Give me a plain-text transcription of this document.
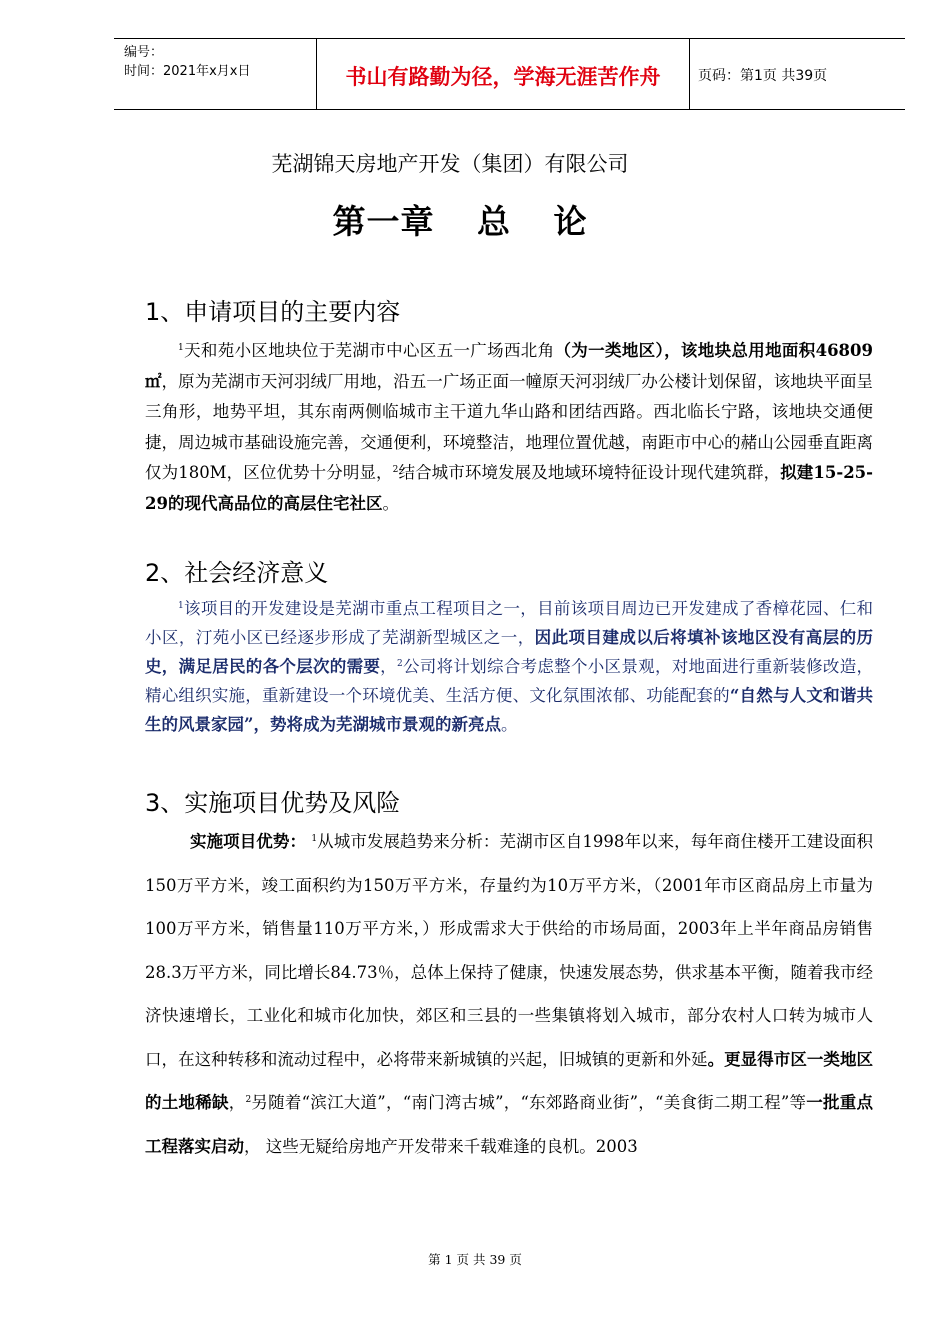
编号：
时间：2021年x月x日	书山有路勤为径，学海无涯苦作舟	页码：第1页 共39页
芜湖锦天房地产开发（集团）有限公司
第一章 总 论
1、申请项目的主要内容
$^1$天和苑小区地块位于芜湖市中心区五一广场西北角（为一类地区），该地块总用地面积46809㎡，原为芜湖市天河羽绒厂用地，沿五一广场正面一幢原天河羽绒厂办公楼计划保留，该地块平面呈三角形，地势平坦，其东南两侧临城市主干道九华山路和团结西路。西北临长宁路，该地块交通便捷，周边城市基础设施完善，交通便利，环境整洁，地理位置优越，南距市中心的赭山公园垂直距离仅为180M，区位优势十分明显，$^2$结合城市环境发展及地域环境特征设计现代建筑群，拟建15-25-29的现代高品位的高层住宅社区。
2、社会经济意义
$^1$该项目的开发建设是芜湖市重点工程项目之一，目前该项目周边已开发建成了香樟花园、仁和小区，汀苑小区已经逐步形成了芜湖新型城区之一，因此项目建成以后将填补该地区没有高层的历史，满足居民的各个层次的需要，$^2$公司将计划综合考虑整个小区景观，对地面进行重新装修改造，精心组织实施，重新建设一个环境优美、生活方便、文化氛围浓郁、功能配套的“自然与人文和谐共生的风景家园”，势将成为芜湖城市景观的新亮点。
3、实施项目优势及风险
实施项目优势： $^1$从城市发展趋势来分析：芜湖市区自1998年以来，每年商住楼开工建设面积150万平方米，竣工面积约为150万平方米，存量约为10万平方米，（2001年市区商品房上市量为100万平方米，销售量110万平方米，）形成需求大于供给的市场局面，2003年上半年商品房销售28.3万平方米，同比增长84.73％，总体上保持了健康，快速发展态势，供求基本平衡，随着我市经济快速增长，工业化和城市化加快，郊区和三县的一些集镇将划入城市，部分农村人口转为城市人口，在这种转移和流动过程中，必将带来新城镇的兴起，旧城镇的更新和外延。更显得市区一类地区的土地稀缺，$^2$另随着“滨江大道”，“南门湾古城”，“东郊路商业街”，“美食街二期工程”等一批重点工程落实启动， 这些无疑给房地产开发带来千载难逢的良机。2003
第 1 页 共 39 页
